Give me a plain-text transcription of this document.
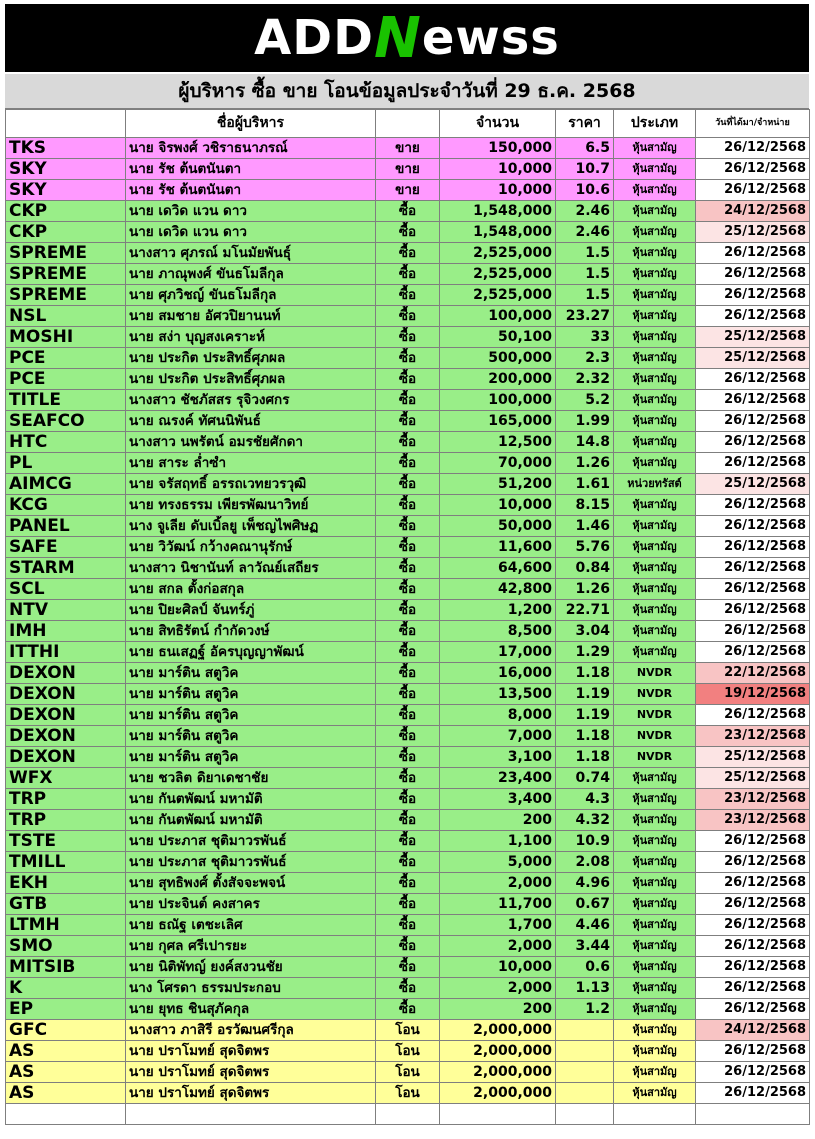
ADD N ewss
ผู้บริหาร ซื้อ ขาย โอนข้อมูลประจำวันที่ 29 ธ.ค. 2568
	ชื่อผู้บริหาร		จำนวน	ราคา	ประเภท	วันที่ได้มา/จำหน่าย
TKS	นาย จิรพงศ์ วชิราธนาภรณ์	ขาย	150,000	6.5	หุ้นสามัญ	26/12/2568
SKY	นาย รัช ต้นตนันตา	ขาย	10,000	10.7	หุ้นสามัญ	26/12/2568
SKY	นาย รัช ต้นตนันตา	ขาย	10,000	10.6	หุ้นสามัญ	26/12/2568
CKP	นาย เดวิด แวน ดาว	ซื้อ	1,548,000	2.46	หุ้นสามัญ	24/12/2568
CKP	นาย เดวิด แวน ดาว	ซื้อ	1,548,000	2.46	หุ้นสามัญ	25/12/2568
SPREME	นางสาว ศุภรณ์ มโนมัยพันธุ์	ซื้อ	2,525,000	1.5	หุ้นสามัญ	26/12/2568
SPREME	นาย ภาณุพงศ์ ขันธโมลีกุล	ซื้อ	2,525,000	1.5	หุ้นสามัญ	26/12/2568
SPREME	นาย ศุภวิชญ์ ขันธโมลีกุล	ซื้อ	2,525,000	1.5	หุ้นสามัญ	26/12/2568
NSL	นาย สมชาย อัศวปิยานนท์	ซื้อ	100,000	23.27	หุ้นสามัญ	26/12/2568
MOSHI	นาย สง่า บุญสงเคราะห์	ซื้อ	50,100	33	หุ้นสามัญ	25/12/2568
PCE	นาย ประกิต ประสิทธิ์ศุภผล	ซื้อ	500,000	2.3	หุ้นสามัญ	25/12/2568
PCE	นาย ประกิต ประสิทธิ์ศุภผล	ซื้อ	200,000	2.32	หุ้นสามัญ	26/12/2568
TITLE	นางสาว ชัชภัสสร รุจิวงศกร	ซื้อ	100,000	5.2	หุ้นสามัญ	26/12/2568
SEAFCO	นาย ณรงค์ ทัศนนิพันธ์	ซื้อ	165,000	1.99	หุ้นสามัญ	26/12/2568
HTC	นางสาว นพรัตน์ อมรชัยศักดา	ซื้อ	12,500	14.8	หุ้นสามัญ	26/12/2568
PL	นาย สาระ ล่ำซำ	ซื้อ	70,000	1.26	หุ้นสามัญ	26/12/2568
AIMCG	นาย จรัสฤทธิ์ อรรถเวทยวรวุฒิ	ซื้อ	51,200	1.61	หน่วยทรัสต์	25/12/2568
KCG	นาย ทรงธรรม เพียรพัฒนาวิทย์	ซื้อ	10,000	8.15	หุ้นสามัญ	26/12/2568
PANEL	นาง จูเลีย ดับเบิ้ลยู เพ็ชญไพศิษฏ	ซื้อ	50,000	1.46	หุ้นสามัญ	26/12/2568
SAFE	นาย วิวัฒน์ กว้างคณานุรักษ์	ซื้อ	11,600	5.76	หุ้นสามัญ	26/12/2568
STARM	นางสาว นิชานันท์ ลาวัณย์เสถียร	ซื้อ	64,600	0.84	หุ้นสามัญ	26/12/2568
SCL	นาย สกล ตั้งก่อสกุล	ซื้อ	42,800	1.26	หุ้นสามัญ	26/12/2568
NTV	นาย ปิยะศิลป์ จันทร์ภู่	ซื้อ	1,200	22.71	หุ้นสามัญ	26/12/2568
IMH	นาย สิทธิรัตน์ กำกัดวงษ์	ซื้อ	8,500	3.04	หุ้นสามัญ	26/12/2568
ITTHI	นาย ธนเสฏฐ์ อัครบุญญาพัฒน์	ซื้อ	17,000	1.29	หุ้นสามัญ	26/12/2568
DEXON	นาย มาร์ติน สตูวิค	ซื้อ	16,000	1.18	NVDR	22/12/2568
DEXON	นาย มาร์ติน สตูวิค	ซื้อ	13,500	1.19	NVDR	19/12/2568
DEXON	นาย มาร์ติน สตูวิค	ซื้อ	8,000	1.19	NVDR	26/12/2568
DEXON	นาย มาร์ติน สตูวิค	ซื้อ	7,000	1.18	NVDR	23/12/2568
DEXON	นาย มาร์ติน สตูวิค	ซื้อ	3,100	1.18	NVDR	25/12/2568
WFX	นาย ชวลิต ดิยาเดชาชัย	ซื้อ	23,400	0.74	หุ้นสามัญ	25/12/2568
TRP	นาย กันตพัฒน์ มหามัติ	ซื้อ	3,400	4.3	หุ้นสามัญ	23/12/2568
TRP	นาย กันตพัฒน์ มหามัติ	ซื้อ	200	4.32	หุ้นสามัญ	23/12/2568
TSTE	นาย ประภาส ชุติมาวรพันธ์	ซื้อ	1,100	10.9	หุ้นสามัญ	26/12/2568
TMILL	นาย ประภาส ชุติมาวรพันธ์	ซื้อ	5,000	2.08	หุ้นสามัญ	26/12/2568
EKH	นาย สุทธิพงศ์ ตั้งสัจจะพจน์	ซื้อ	2,000	4.96	หุ้นสามัญ	26/12/2568
GTB	นาย ประจินต์ คงสาคร	ซื้อ	11,700	0.67	หุ้นสามัญ	26/12/2568
LTMH	นาย ธณัฐ เตชะเลิศ	ซื้อ	1,700	4.46	หุ้นสามัญ	26/12/2568
SMO	นาย กุศล ศรีเปารยะ	ซื้อ	2,000	3.44	หุ้นสามัญ	26/12/2568
MITSIB	นาย นิติพัทญ์ ยงค์สงวนชัย	ซื้อ	10,000	0.6	หุ้นสามัญ	26/12/2568
K	นาง โศรดา ธรรมประกอบ	ซื้อ	2,000	1.13	หุ้นสามัญ	26/12/2568
EP	นาย ยุทธ ชินสุภัคกุล	ซื้อ	200	1.2	หุ้นสามัญ	26/12/2568
GFC	นางสาว ภาสิรี อรวัฒนศรีกุล	โอน	2,000,000		หุ้นสามัญ	24/12/2568
AS	นาย ปราโมทย์ สุดจิตพร	โอน	2,000,000		หุ้นสามัญ	26/12/2568
AS	นาย ปราโมทย์ สุดจิตพร	โอน	2,000,000		หุ้นสามัญ	26/12/2568
AS	นาย ปราโมทย์ สุดจิตพร	โอน	2,000,000		หุ้นสามัญ	26/12/2568
